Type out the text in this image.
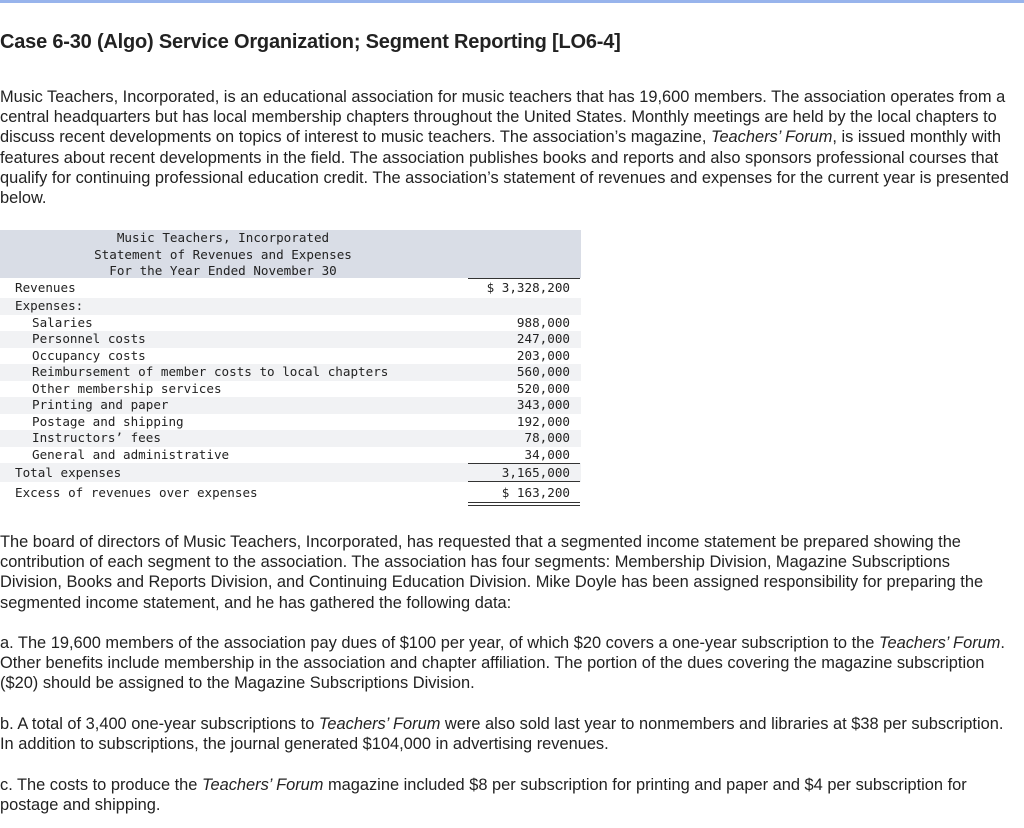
Case 6-30 (Algo) Service Organization; Segment Reporting [LO6-4]
Music Teachers, Incorporated, is an educational association for music teachers that has 19,600 members. The association operates from a central headquarters but has local membership chapters throughout the United States. Monthly meetings are held by the local chapters to discuss recent developments on topics of interest to music teachers. The association’s magazine, Teachers’ Forum, is issued monthly with features about recent developments in the field. The association publishes books and reports and also sponsors professional courses that qualify for continuing professional education credit. The association’s statement of revenues and expenses for the current year is presented below.
Music Teachers, Incorporated
Statement of Revenues and Expenses
For the Year Ended November 30
Revenues	$ 3,328,200
Expenses:
Salaries	988,000
Personnel costs	247,000
Occupancy costs	203,000
Reimbursement of member costs to local chapters	560,000
Other membership services	520,000
Printing and paper	343,000
Postage and shipping	192,000
Instructors’ fees	78,000
General and administrative	34,000
Total expenses	3,165,000
Excess of revenues over expenses	$ 163,200
The board of directors of Music Teachers, Incorporated, has requested that a segmented income statement be prepared showing the contribution of each segment to the association. The association has four segments: Membership Division, Magazine Subscriptions Division, Books and Reports Division, and Continuing Education Division. Mike Doyle has been assigned responsibility for preparing the segmented income statement, and he has gathered the following data:
a. The 19,600 members of the association pay dues of $100 per year, of which $20 covers a one-year subscription to the Teachers’ Forum. Other benefits include membership in the association and chapter affiliation. The portion of the dues covering the magazine subscription ($20) should be assigned to the Magazine Subscriptions Division.
b. A total of 3,400 one-year subscriptions to Teachers’ Forum were also sold last year to nonmembers and libraries at $38 per subscription. In addition to subscriptions, the journal generated $104,000 in advertising revenues.
c. The costs to produce the Teachers’ Forum magazine included $8 per subscription for printing and paper and $4 per subscription for postage and shipping.
